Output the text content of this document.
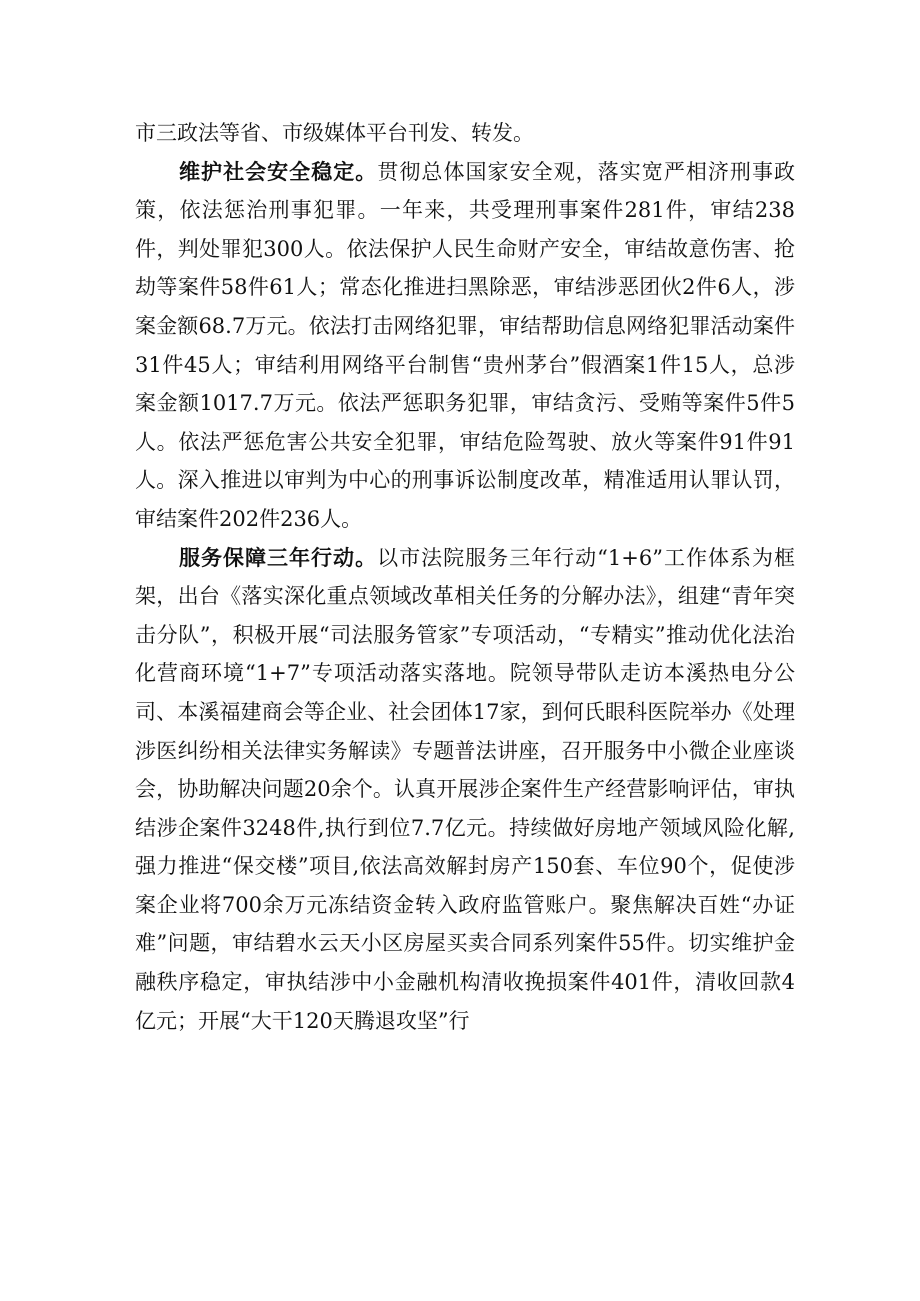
市三政法等省、市级媒体平台刊发、转发。

维护社会安全稳定。贯彻总体国家安全观，落实宽严相济刑事政策，依法惩治刑事犯罪。一年来，共受理刑事案件281件，审结238件，判处罪犯300人。依法保护人民生命财产安全，审结故意伤害、抢劫等案件58件61人；常态化推进扫黑除恶，审结涉恶团伙2件6人，涉案金额68.7万元。依法打击网络犯罪，审结帮助信息网络犯罪活动案件31件45人；审结利用网络平台制售“贵州茅台”假酒案1件15人，总涉案金额1017.7万元。依法严惩职务犯罪，审结贪污、受贿等案件5件5人。依法严惩危害公共安全犯罪，审结危险驾驶、放火等案件91件91人。深入推进以审判为中心的刑事诉讼制度改革，精准适用认罪认罚，审结案件202件236人。

服务保障三年行动。以市法院服务三年行动“1+6”工作体系为框架，出台《落实深化重点领域改革相关任务的分解办法》，组建“青年突击分队”，积极开展“司法服务管家”专项活动，“专精实”推动优化法治化营商环境“1+7”专项活动落实落地。院领导带队走访本溪热电分公司、本溪福建商会等企业、社会团体17家，到何氏眼科医院举办《处理涉医纠纷相关法律实务解读》专题普法讲座，召开服务中小微企业座谈会，协助解决问题20余个。认真开展涉企案件生产经营影响评估，审执结涉企案件3248件,执行到位7.7亿元。持续做好房地产领域风险化解,强力推进“保交楼”项目,依法高效解封房产150套、车位90个，促使涉案企业将700余万元冻结资金转入政府监管账户。聚焦解决百姓“办证难”问题，审结碧水云天小区房屋买卖合同系列案件55件。切实维护金融秩序稳定，审执结涉中小金融机构清收挽损案件401件，清收回款4亿元；开展“大干120天腾退攻坚”行
